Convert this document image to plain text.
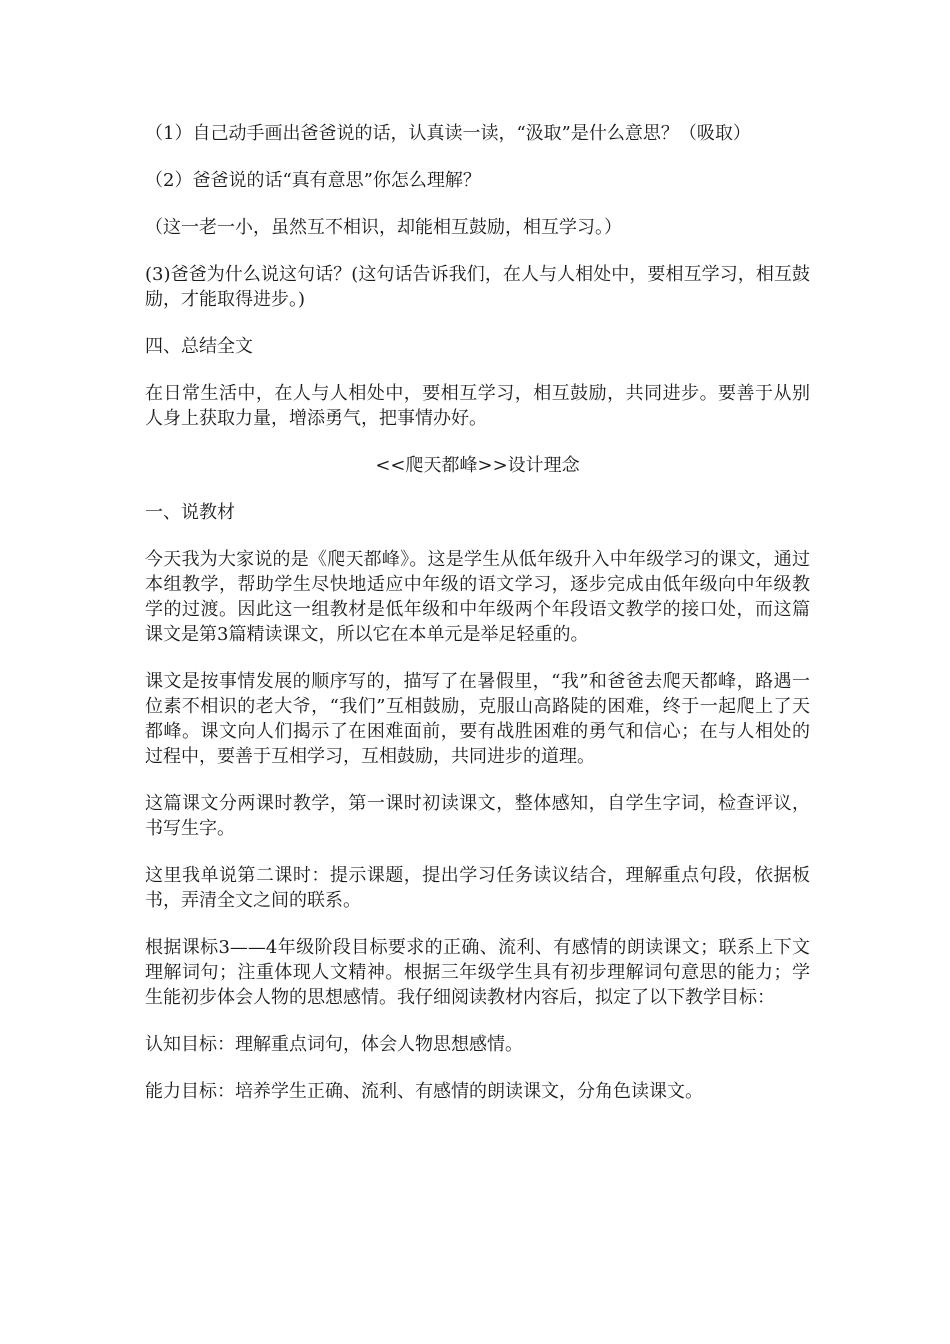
（1）自己动手画出爸爸说的话，认真读一读，“汲取”是什么意思？（吸取）

（2）爸爸说的话“真有意思”你怎么理解？

（这一老一小，虽然互不相识，却能相互鼓励，相互学习。）

(3)爸爸为什么说这句话？(这句话告诉我们，在人与人相处中，要相互学习，相互鼓励，才能取得进步。)

四、总结全文

在日常生活中，在人与人相处中，要相互学习，相互鼓励，共同进步。要善于从别人身上获取力量，增添勇气，把事情办好。

<<爬天都峰>>设计理念

一、说教材

今天我为大家说的是《爬天都峰》。这是学生从低年级升入中年级学习的课文，通过本组教学，帮助学生尽快地适应中年级的语文学习，逐步完成由低年级向中年级教学的过渡。因此这一组教材是低年级和中年级两个年段语文教学的接口处，而这篇课文是第3篇精读课文，所以它在本单元是举足轻重的。

课文是按事情发展的顺序写的，描写了在暑假里，“我”和爸爸去爬天都峰，路遇一位素不相识的老大爷，“我们”互相鼓励，克服山高路陡的困难，终于一起爬上了天都峰。课文向人们揭示了在困难面前，要有战胜困难的勇气和信心；在与人相处的过程中，要善于互相学习，互相鼓励，共同进步的道理。

这篇课文分两课时教学，第一课时初读课文，整体感知，自学生字词，检查评议，书写生字。

这里我单说第二课时：提示课题，提出学习任务读议结合，理解重点句段，依据板书，弄清全文之间的联系。

根据课标3——4年级阶段目标要求的正确、流利、有感情的朗读课文；联系上下文理解词句；注重体现人文精神。根据三年级学生具有初步理解词句意思的能力；学生能初步体会人物的思想感情。我仔细阅读教材内容后，拟定了以下教学目标：

认知目标：理解重点词句，体会人物思想感情。

能力目标：培养学生正确、流利、有感情的朗读课文，分角色读课文。
